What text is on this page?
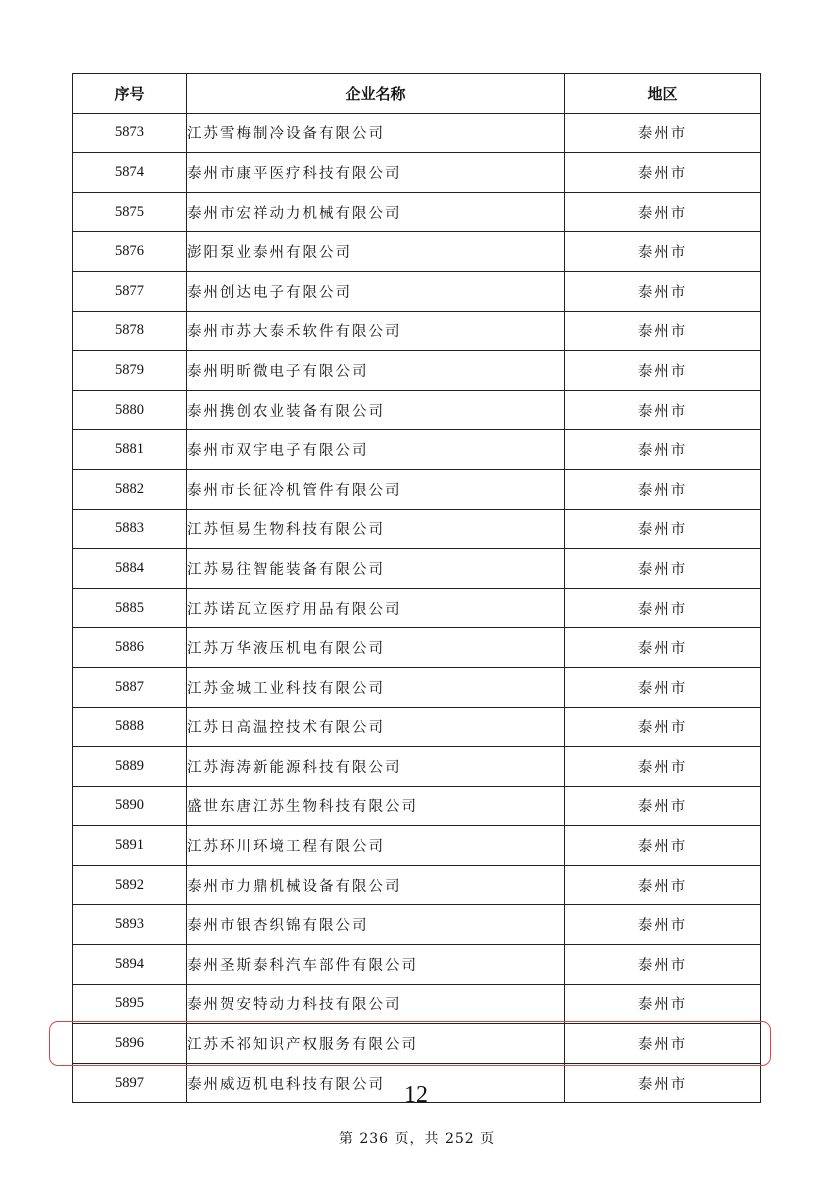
序号	企业名称	地区
5873	江苏雪梅制冷设备有限公司	泰州市
5874	泰州市康平医疗科技有限公司	泰州市
5875	泰州市宏祥动力机械有限公司	泰州市
5876	澎阳泵业泰州有限公司	泰州市
5877	泰州创达电子有限公司	泰州市
5878	泰州市苏大泰禾软件有限公司	泰州市
5879	泰州明昕微电子有限公司	泰州市
5880	泰州携创农业装备有限公司	泰州市
5881	泰州市双宇电子有限公司	泰州市
5882	泰州市长征冷机管件有限公司	泰州市
5883	江苏恒易生物科技有限公司	泰州市
5884	江苏易往智能装备有限公司	泰州市
5885	江苏诺瓦立医疗用品有限公司	泰州市
5886	江苏万华液压机电有限公司	泰州市
5887	江苏金城工业科技有限公司	泰州市
5888	江苏日高温控技术有限公司	泰州市
5889	江苏海涛新能源科技有限公司	泰州市
5890	盛世东唐江苏生物科技有限公司	泰州市
5891	江苏环川环境工程有限公司	泰州市
5892	泰州市力鼎机械设备有限公司	泰州市
5893	泰州市银杏织锦有限公司	泰州市
5894	泰州圣斯泰科汽车部件有限公司	泰州市
5895	泰州贺安特动力科技有限公司	泰州市
5896	江苏禾祁知识产权服务有限公司	泰州市
5897	泰州威迈机电科技有限公司	泰州市
12
第 236 页，共 252 页
